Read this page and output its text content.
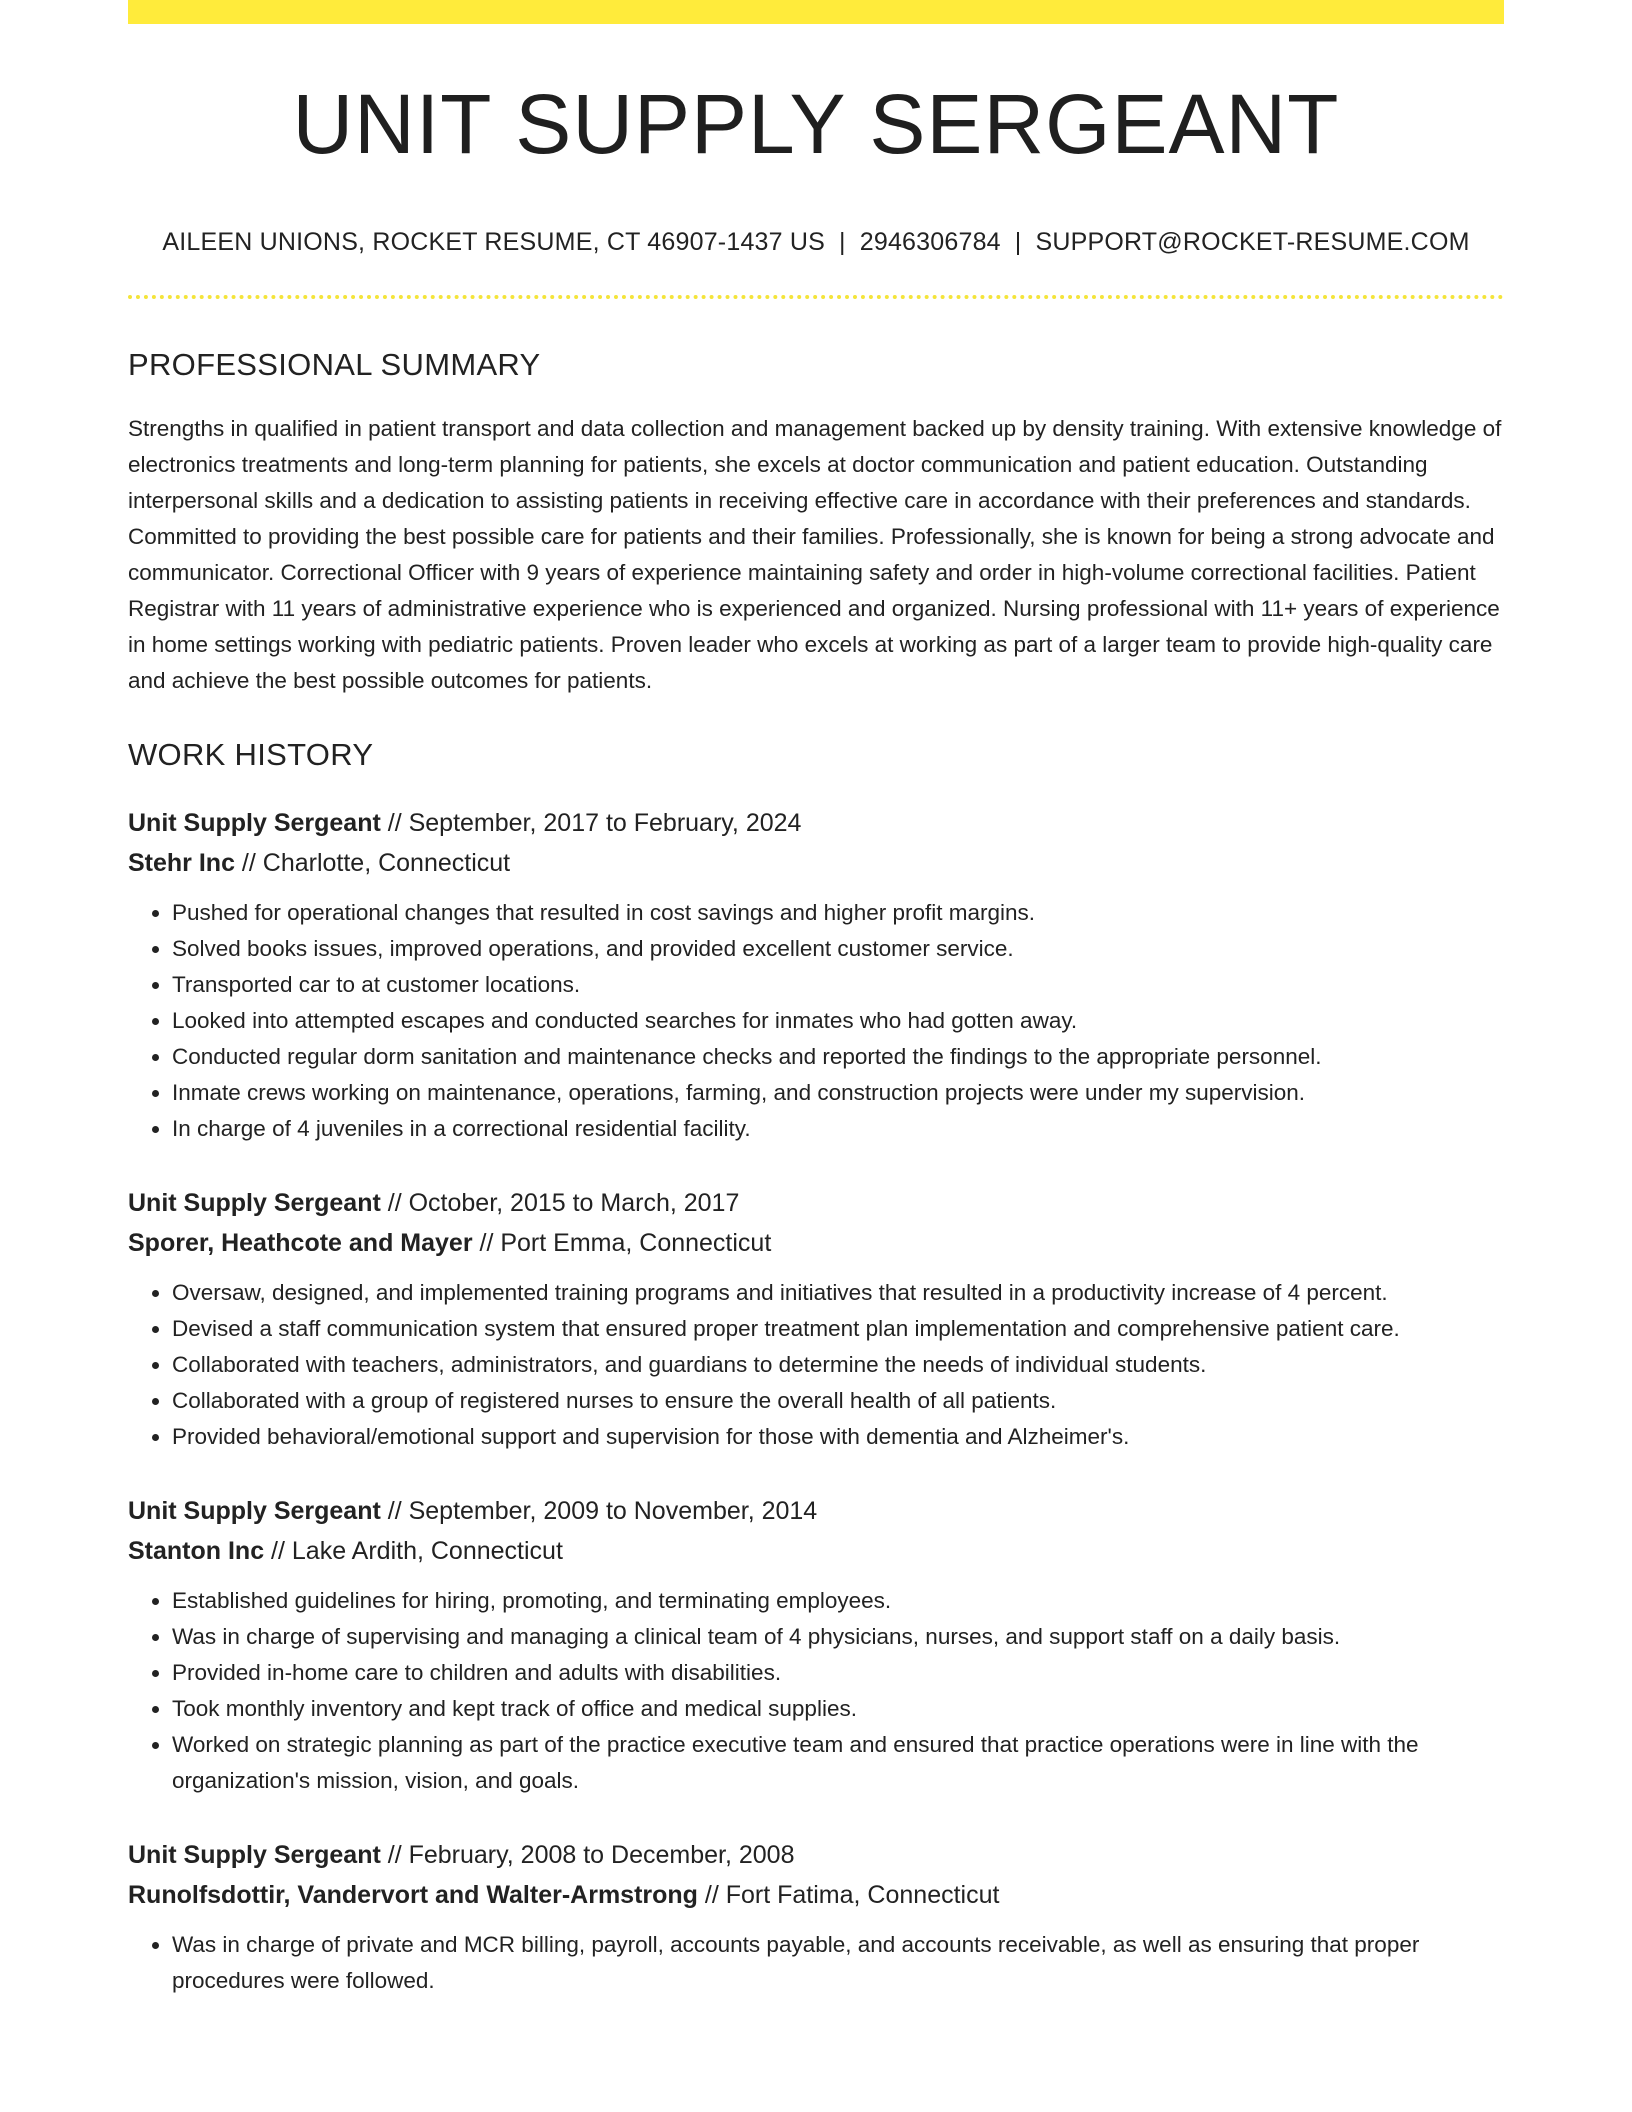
UNIT SUPPLY SERGEANT
AILEEN UNIONS, ROCKET RESUME, CT 46907-1437 US | 2946306784 | SUPPORT@ROCKET-RESUME.COM
PROFESSIONAL SUMMARY

Strengths in qualified in patient transport and data collection and management backed up by density training. With extensive knowledge of electronics treatments and long-term planning for patients, she excels at doctor communication and patient education. Outstanding interpersonal skills and a dedication to assisting patients in receiving effective care in accordance with their preferences and standards. Committed to providing the best possible care for patients and their families. Professionally, she is known for being a strong advocate and communicator. Correctional Officer with 9 years of experience maintaining safety and order in high-volume correctional facilities. Patient Registrar with 11 years of administrative experience who is experienced and organized. Nursing professional with 11+ years of experience in home settings working with pediatric patients. Proven leader who excels at working as part of a larger team to provide high-quality care and achieve the best possible outcomes for patients.

WORK HISTORY
Unit Supply Sergeant // September, 2017 to February, 2024
Stehr Inc // Charlotte, Connecticut
• Pushed for operational changes that resulted in cost savings and higher profit margins.
• Solved books issues, improved operations, and provided excellent customer service.
• Transported car to at customer locations.
• Looked into attempted escapes and conducted searches for inmates who had gotten away.
• Conducted regular dorm sanitation and maintenance checks and reported the findings to the appropriate personnel.
• Inmate crews working on maintenance, operations, farming, and construction projects were under my supervision.
• In charge of 4 juveniles in a correctional residential facility.
Unit Supply Sergeant // October, 2015 to March, 2017
Sporer, Heathcote and Mayer // Port Emma, Connecticut
• Oversaw, designed, and implemented training programs and initiatives that resulted in a productivity increase of 4 percent.
• Devised a staff communication system that ensured proper treatment plan implementation and comprehensive patient care.
• Collaborated with teachers, administrators, and guardians to determine the needs of individual students.
• Collaborated with a group of registered nurses to ensure the overall health of all patients.
• Provided behavioral/emotional support and supervision for those with dementia and Alzheimer's.
Unit Supply Sergeant // September, 2009 to November, 2014
Stanton Inc // Lake Ardith, Connecticut
• Established guidelines for hiring, promoting, and terminating employees.
• Was in charge of supervising and managing a clinical team of 4 physicians, nurses, and support staff on a daily basis.
• Provided in-home care to children and adults with disabilities.
• Took monthly inventory and kept track of office and medical supplies.
• Worked on strategic planning as part of the practice executive team and ensured that practice operations were in line with the organization's mission, vision, and goals.
Unit Supply Sergeant // February, 2008 to December, 2008
Runolfsdottir, Vandervort and Walter-Armstrong // Fort Fatima, Connecticut
• Was in charge of private and MCR billing, payroll, accounts payable, and accounts receivable, as well as ensuring that proper procedures were followed.
